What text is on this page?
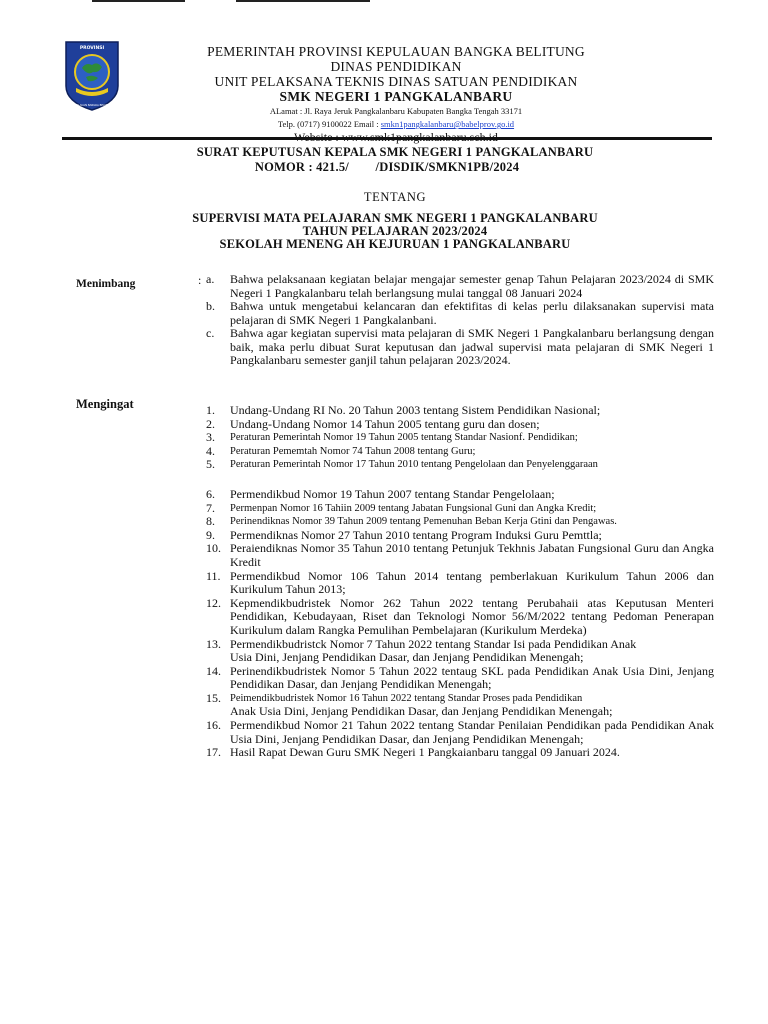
PROVINSI
KEPULAUAN BANGKA BELITUNG
PEMERINTAH PROVINSI KEPULAUAN BANGKA BELITUNG
DINAS PENDIDIKAN
UNIT PELAKSANA TEKNIS DINAS SATUAN PENDIDIKAN
SMK NEGERI 1 PANGKALANBARU
ALamat : Jl. Raya Jeruk Pangkalanbaru Kabupaten Bangka Tengah 33171
Telp. (0717) 9100022 Email : smkn1pangkalanbaru@babelprov.go.id
Website : www.smk1pangkalanbaru.sch.id
SURAT KEPUTUSAN KEPALA SMK NEGERI 1 PANGKALANBARU
NOMOR : 421.5/        /DISDIK/SMKN1PB/2024
TENTANG
SUPERVISI MATA PELAJARAN SMK NEGERI 1 PANGKALANBARU
TAHUN PELAJARAN 2023/2024
SEKOLAH MENENG AH KEJURUAN 1 PANGKALANBARU
Menimbang	: a.	Bahwa pelaksanaan kegiatan belajar mengajar semester genap Tahun Pelajaran 2023/2024 di SMK Negeri 1 Pangkalanbaru telah berlangsung mulai tanggal 08 Januari 2024
b.	Bahwa untuk mengetabui kelancaran dan efektifitas di kelas perlu dilaksanakan supervisi mata pelajaran di SMK Negeri 1 Pangkalanbani.
c.	Bahwa agar kegiatan supervisi mata pelajaran di SMK Negeri 1 Pangkalanbaru berlangsung dengan baik, maka perlu dibuat Surat keputusan dan jadwal supervisi mata pelajaran di SMK Negeri 1 Pangkalanbaru semester ganjil tahun pelajaran 2023/2024.
Mengingat	1.	Undang-Undang RI No. 20 Tahun 2003 tentang Sistem Pendidikan Nasional;
2.	Undang-Undang Nomor 14 Tahun 2005 tentang guru dan dosen;
3.	Peraturan Pemerintah Nomor 19 Tahun 2005 tentang Standar Nasionf. Pendidikan;
4.	Peraturan Pememtah Nomor 74 Tahun 2008 tentang Guru;
5.	Peraturan Pemerintah Nomor 17 Tahun 2010 tentang Pengelolaan dan Penyelenggaraan
6.	Permendikbud Nomor 19 Tahun 2007 tentang Standar Pengelolaan;
7.	Permenpan Nomor 16 Tahiin 2009 tentang Jabatan Fungsional Guni dan Angka Kredit;
8.	Perinendiknas Nomor 39 Tahun 2009 tentang Pemenuhan Beban Kerja Gtini dan Pengawas.
9.	Permendiknas Nomor 27 Tahun 2010 tentang Program Induksi Guru Pemttla;
10. Peraiendiknas Nomor 35 Tahun 2010 tentang Petunjuk Tekhnis Jabatan Fungsional Guru dan Angka Kredit
11. Permendikbud Nomor 106 Tahun 2014 tentang pemberlakuan Kurikulum Tahun 2006 dan Kurikulum Tahun 2013;
12. Kepmendikbudristek Nomor 262 Tahun 2022 tentang Perubahaii atas Keputusan Menteri Pendidikan, Kebudayaan, Riset dan Teknologi Nomor 56/M/2022 tentang Pedoman Penerapan Kurikulum dalam Rangka Pemulihan Pembelajaran (Kurikulum Merdeka)
13. Permendikbudristck Nomor 7 Tahun 2022 tentang Standar Isi pada Pendidikan Anak
Usia Dini, Jenjang Pendidikan Dasar, dan Jenjang Pendidikan Menengah;
14. Perinendikbudristek Nomor 5 Tahun 2022 tentaug SKL pada Pendidikan Anak Usia Dini, Jenjang Pendidikan Dasar, dan Jenjang Pendidikan Menengah;
15. Peimendikbudristek Nomor 16 Tahun 2022 tentang Standar Proses pada Pendidikan
Anak Usia Dini, Jenjang Pendidikan Dasar, dan Jenjang Pendidikan Menengah;
16. Permendikbud Nomor 21 Tahun 2022 tentang Standar Penilaian Pendidikan pada Pendidikan Anak Usia Dini, Jenjang Pendidikan Dasar, dan Jenjang Pendidikan Menengah;
17. Hasil Rapat Dewan Guru SMK Negeri 1 Pangkaianbaru tanggal 09 Januari 2024.
